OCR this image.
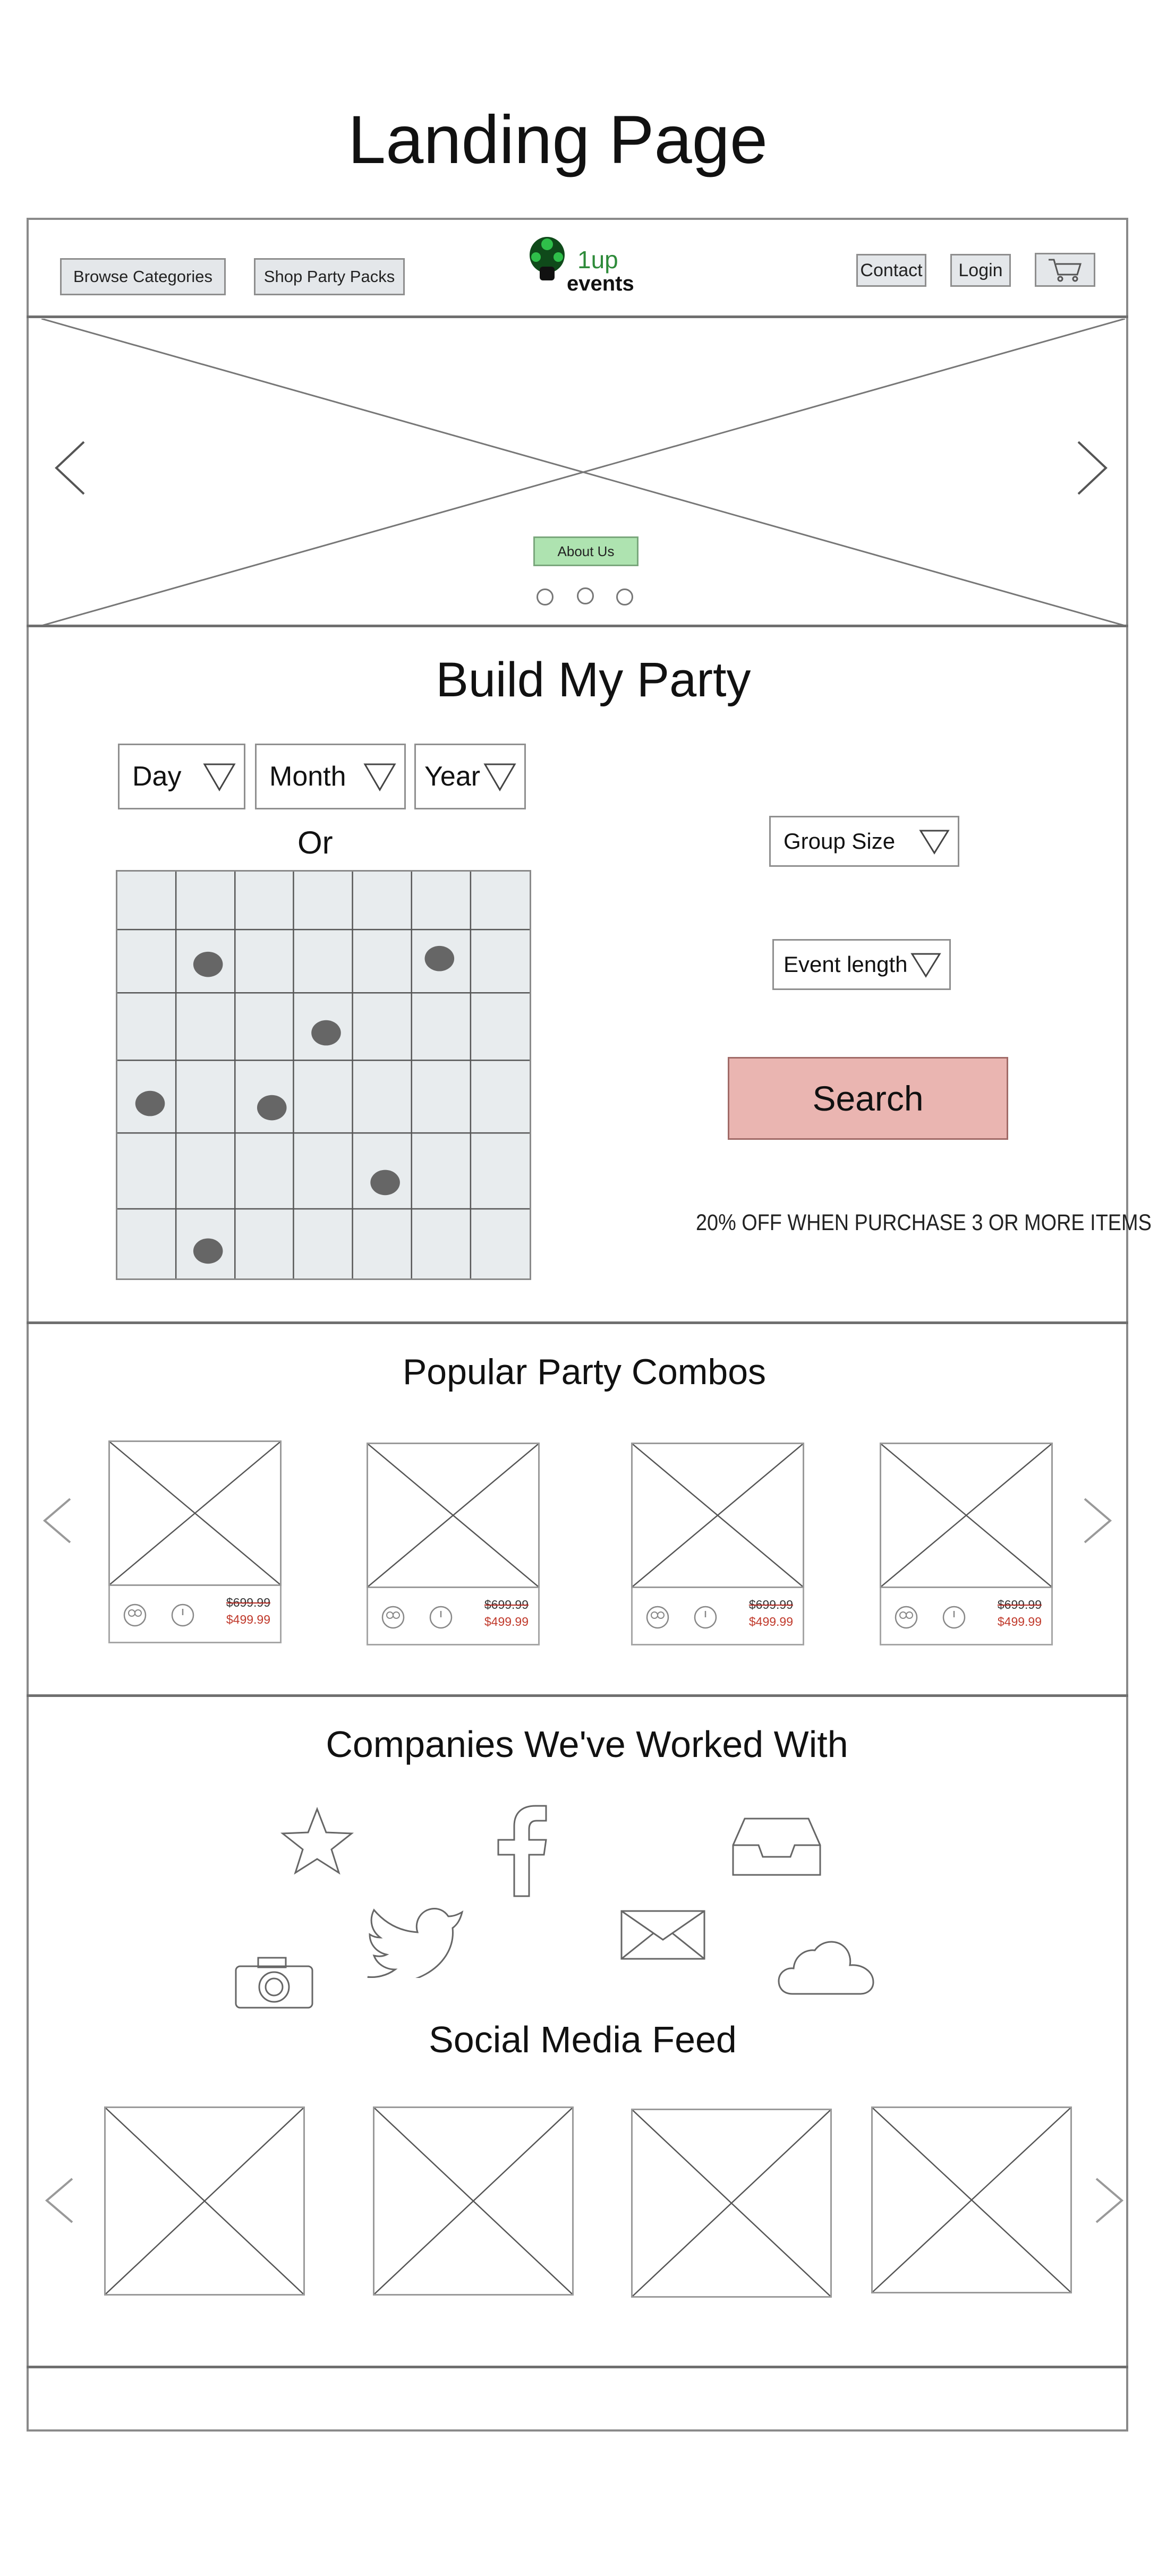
Landing Page
Browse Categories	Shop Party Packs
1up
events
Contact Login
About Us
Build My Party
Day	Month	Year
Or	Group Size
Event length
Search
20% OFF WHEN PURCHASE 3 OR MORE ITEMS
Popular Party Combos
$699.99
$499.99
$699.99
$499.99
$699.99
$499.99
$699.99
$499.99
Companies We've Worked With
Social Media Feed
